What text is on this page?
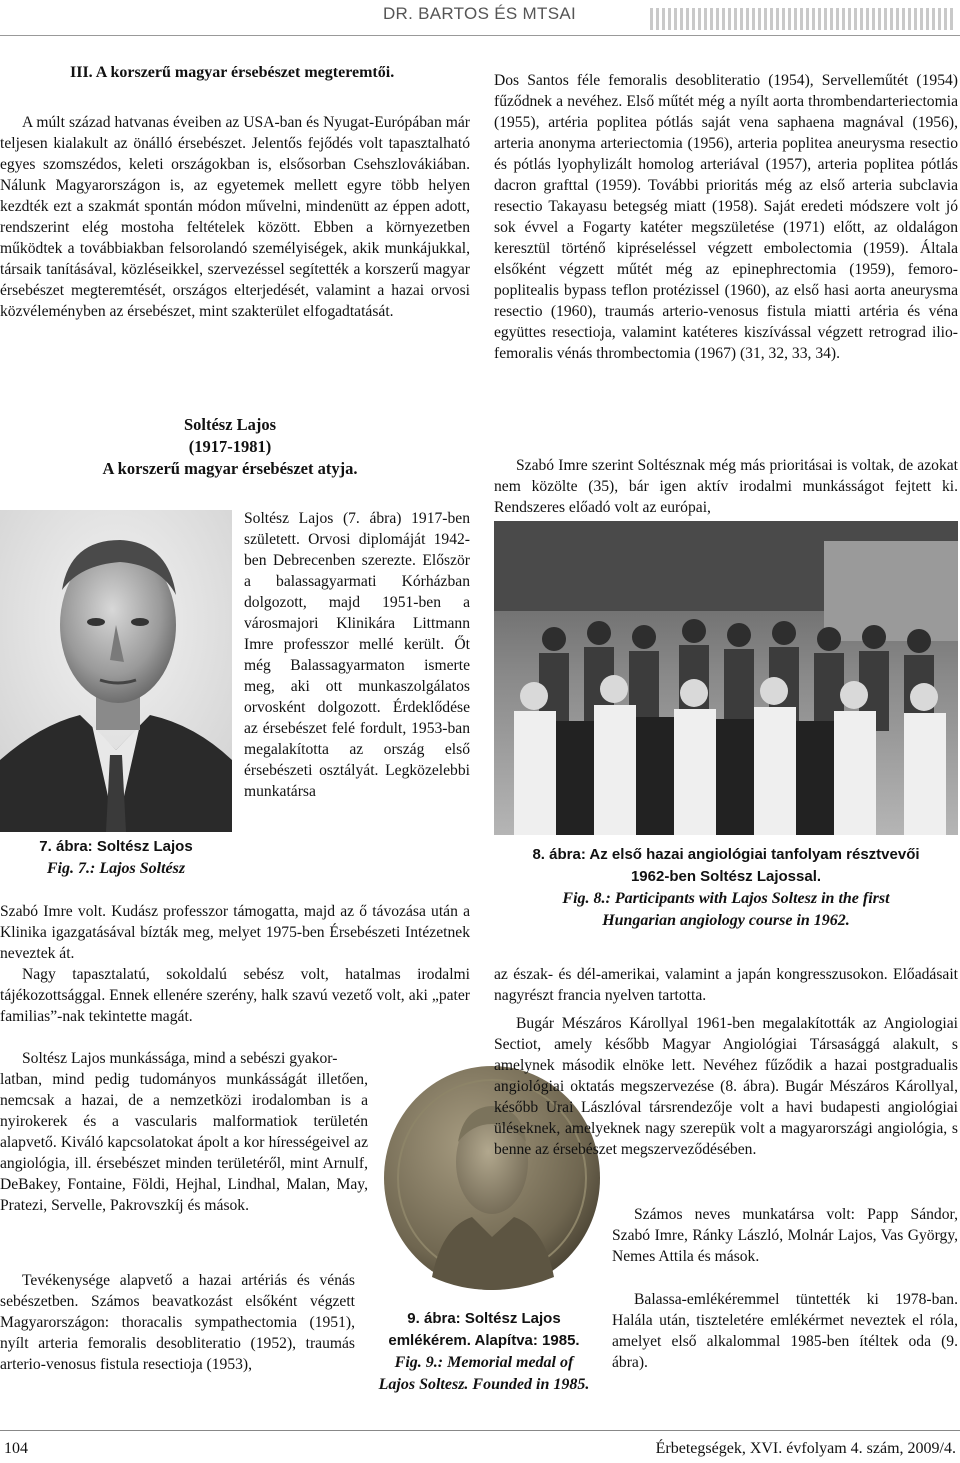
DR. BARTOS ÉS MTSAI
III. A korszerű magyar érsebészet megteremtői.

A múlt század hatvanas éveiben az USA-ban és Nyugat-Európában már teljesen kialakult az önálló érsebészet. Jelentős fejődés volt tapasztalható egyes szomszédos, keleti országokban is, elsősorban Csehszlovákiában. Nálunk Magyarországon is, az egyetemek mellett egyre több helyen kezdték ezt a szakmát spontán módon művelni, mindenütt az éppen adott, rendszerint elég mostoha feltételek között. Ebben a környezetben működtek a továbbiakban felsorolandó személyiségek, akik munkájukkal, társaik tanításával, közléseikkel, szervezéssel segítették a korszerű magyar érsebészet megteremtését, országos elterjedését, valamint a hazai orvosi közvéleményben az érsebészet, mint szakterület elfogadtatását.

Soltész Lajos
(1917-1981)
A korszerű magyar érsebészet atyja.
7. ábra: Soltész Lajos
Fig. 7.: Lajos Soltész

Soltész Lajos (7. ábra) 1917-ben született. Orvosi diplomáját 1942-ben Debrecenben szerezte. Először a balassagyarmati Kórházban dolgozott, majd 1951-ben a városmajori Klinikára Littmann Imre professzor mellé került. Őt még Balassagyarmaton ismerte meg, aki ott munkaszolgálatos orvosként dolgozott. Érdeklődése az érsebészet felé fordult, 1953-ban megalakította az ország első érsebészeti osztályát. Legközelebbi munkatársa

Szabó Imre volt. Kudász professzor támogatta, majd az ő távozása után a Klinika igazgatásával bízták meg, melyet 1975-ben Érsebészeti Intézetnek neveztek át.

Nagy tapasztalatú, sokoldalú sebész volt, hatalmas irodalmi tájékozottsággal. Ennek ellenére szerény, halk szavú vezető volt, aki „pater familias”-nak tekintette magát.

Soltész Lajos munkássága, mind a sebészi gyakor-

latban, mind pedig tudományos munkásságát illetően, nemcsak a hazai, de a nemzetközi irodalomban is a nyirokerek és a vascularis malformatiok területén alapvető. Kiváló kapcsolatokat ápolt a kor hírességeivel az angiológia, ill. érsebészet minden területéről, mint Arnulf, DeBakey, Fontaine, Földi, Hejhal, Lindhal, Malan, May, Pratezi, Servelle, Pakrovszkíj és mások.

Tevékenysége alapvető a hazai artériás és vénás sebészetben. Számos beavatkozást elsőként végzett Magyarországon: thoracalis sympathectomia (1951), nyílt arteria femoralis desobliteratio (1952), traumás arterio-venosus fistula resectioja (1953),

9. ábra: Soltész Lajos
emlékérem. Alapítva: 1985.
Fig. 9.: Memorial medal of
Lajos Soltesz. Founded in 1985.

Dos Santos féle femoralis desobliteratio (1954), Servelleműtét (1954) fűződnek a nevéhez. Első műtét még a nyílt aorta thrombendarteriectomia (1955), artéria poplitea pótlás saját vena saphaena magnával (1956), arteria anonyma arteriectomia (1956), arteria poplitea aneurysma resectio és pótlás lyophylizált homolog arteriával (1957), arteria poplitea pótlás dacron grafttal (1959). További prioritás még az első arteria subclavia resectio Takayasu betegség miatt (1958). Saját eredeti módszere volt jó sok évvel a Fogarty katéter megszületése (1971) előtt, az oldalágon keresztül történő kipréseléssel végzett embolectomia (1959). Általa elsőként végzett műtét még az epinephrectomia (1959), femoro-poplitealis bypass teflon protézissel (1960), az első hasi aorta aneurysma resectio (1960), traumás arterio-venosus fistula miatti artéria és véna együttes resectioja, valamint katéteres kiszívással végzett retrograd ilio-femoralis vénás thrombectomia (1967) (31, 32, 33, 34).

Szabó Imre szerint Soltésznak még más prioritásai is voltak, de azokat nem közölte (35), bár igen aktív irodalmi munkásságot fejtett ki. Rendszeres előadó volt az európai,

8. ábra: Az első hazai angiológiai tanfolyam résztvevői
1962-ben Soltész Lajossal.
Fig. 8.: Participants with Lajos Soltesz in the first
Hungarian angiology course in 1962.

az észak- és dél-amerikai, valamint a japán kongresszusokon. Előadásait nagyrészt francia nyelven tartotta.

Bugár Mészáros Károllyal 1961-ben megalakították az Angiologiai Sectiot, amely később Magyar Angiológiai Társasággá alakult, s amelynek második elnöke lett. Nevéhez fűződik a hazai postgradualis angiológiai oktatás megszervezése (8. ábra). Bugár Mészáros Károllyal, később Urai Lászlóval társrendezője volt a havi budapesti angiológiai üléseknek, amelyeknek nagy szerepük volt a magyarországi angiológia, s benne az érsebészet megszerveződésében.

Számos neves munkatársa volt: Papp Sándor, Szabó Imre, Ránky László, Molnár Lajos, Vas György, Nemes Attila és mások.

Balassa-emlékéremmel tüntették ki 1978-ban. Halála után, tiszteletére emlékérmet neveztek el róla, amelyet első alkalommal 1985-ben ítéltek oda (9. ábra).

104	Érbetegségek, XVI. évfolyam 4. szám, 2009/4.
